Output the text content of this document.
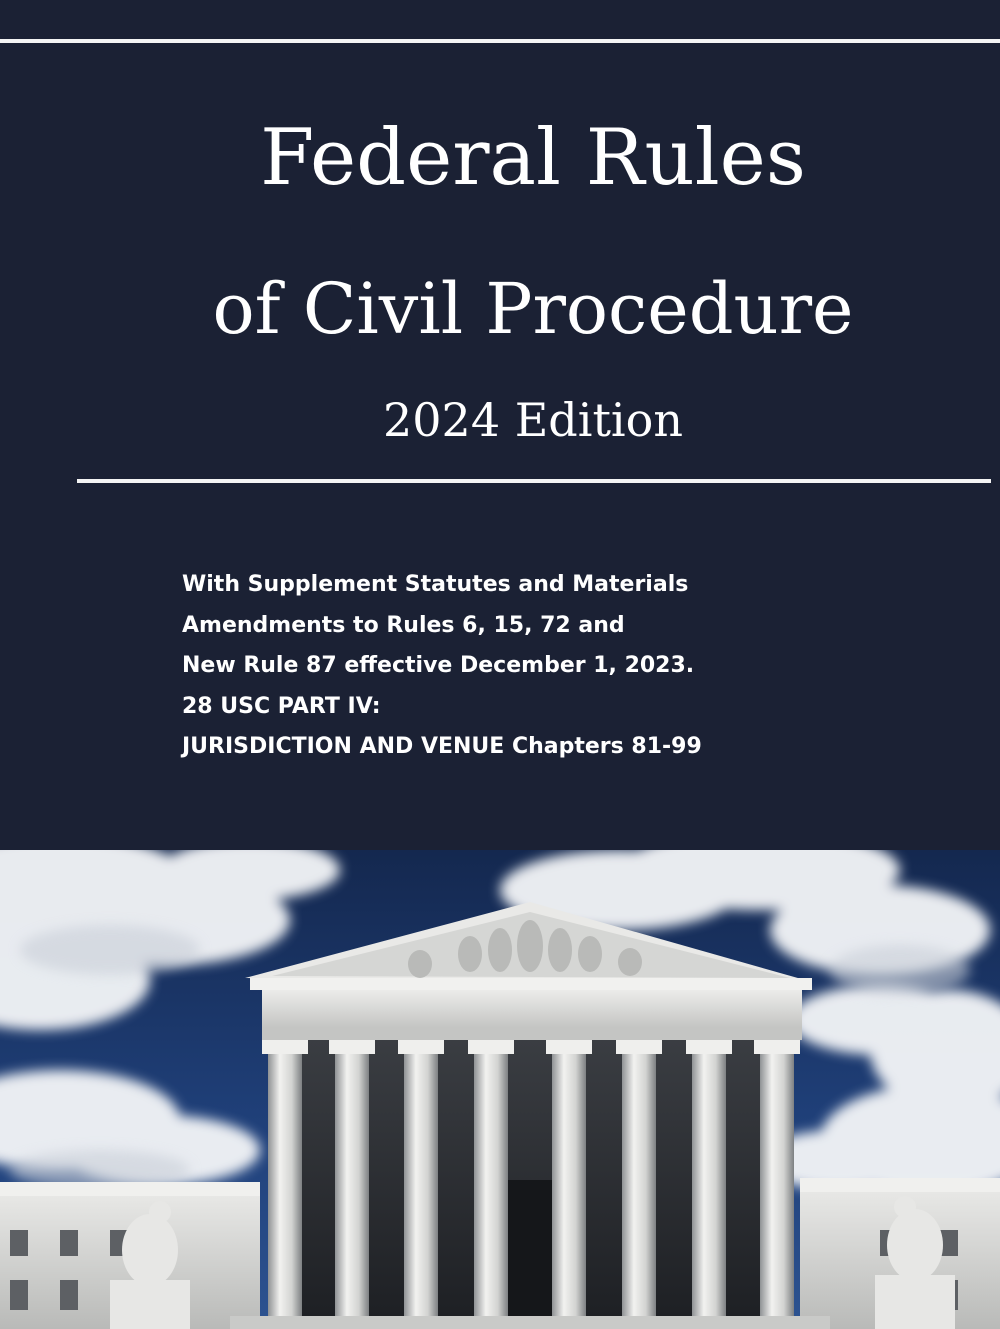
Federal Rules
of Civil Procedure
2024 Edition
With Supplement Statutes and Materials
Amendments to Rules 6, 15, 72 and
New Rule 87 effective December 1, 2023.
28 USC PART IV:
JURISDICTION AND VENUE Chapters 81-99
